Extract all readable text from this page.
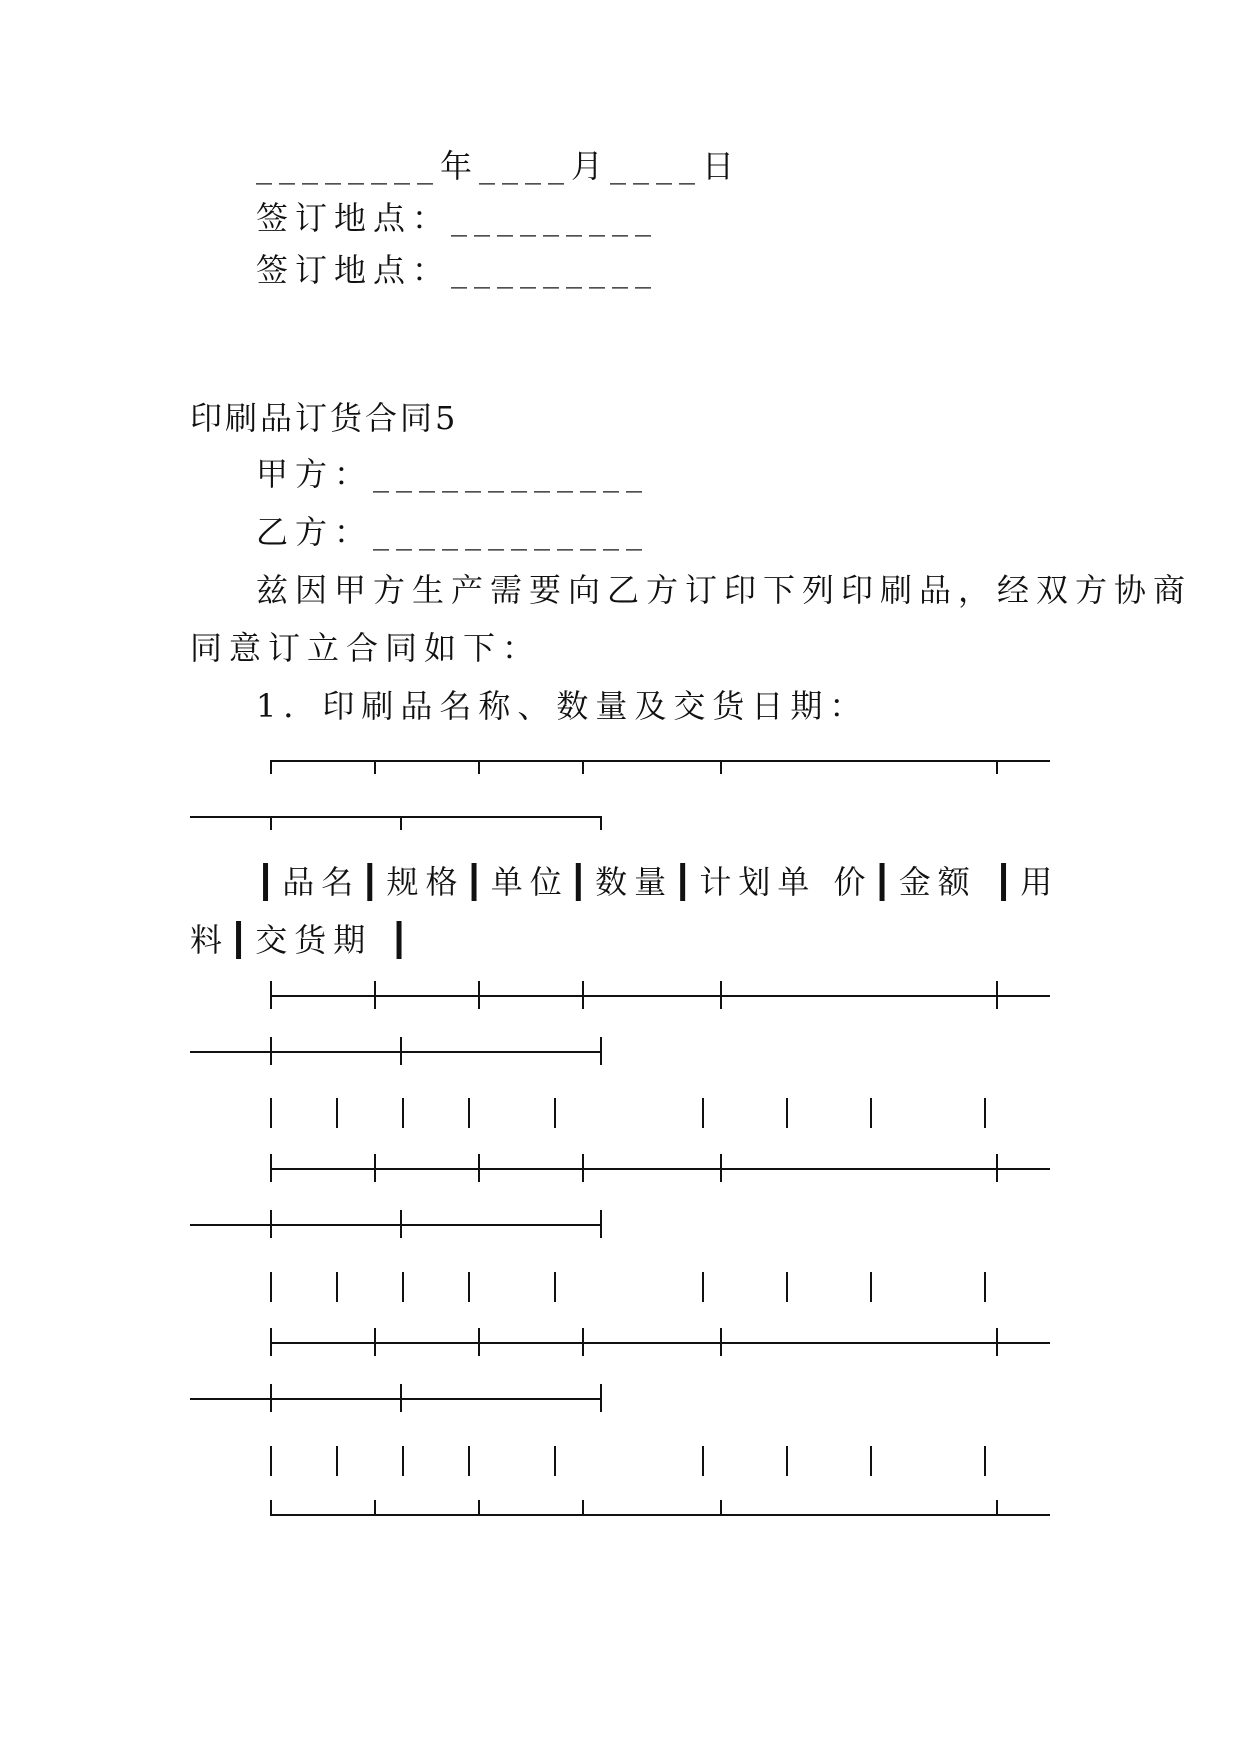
________年____月____日

签订地点：_________

签订地点：_________

印刷品订货合同5

甲方：____________

乙方：____________

兹因甲方生产需要向乙方订印下列印刷品，经双方协商

同意订立合同如下：

1．印刷品名称、数量及交货日期：

┃品名┃规格┃单位┃数量┃计划单 价┃金额 ┃用

料┃交货期 ┃
